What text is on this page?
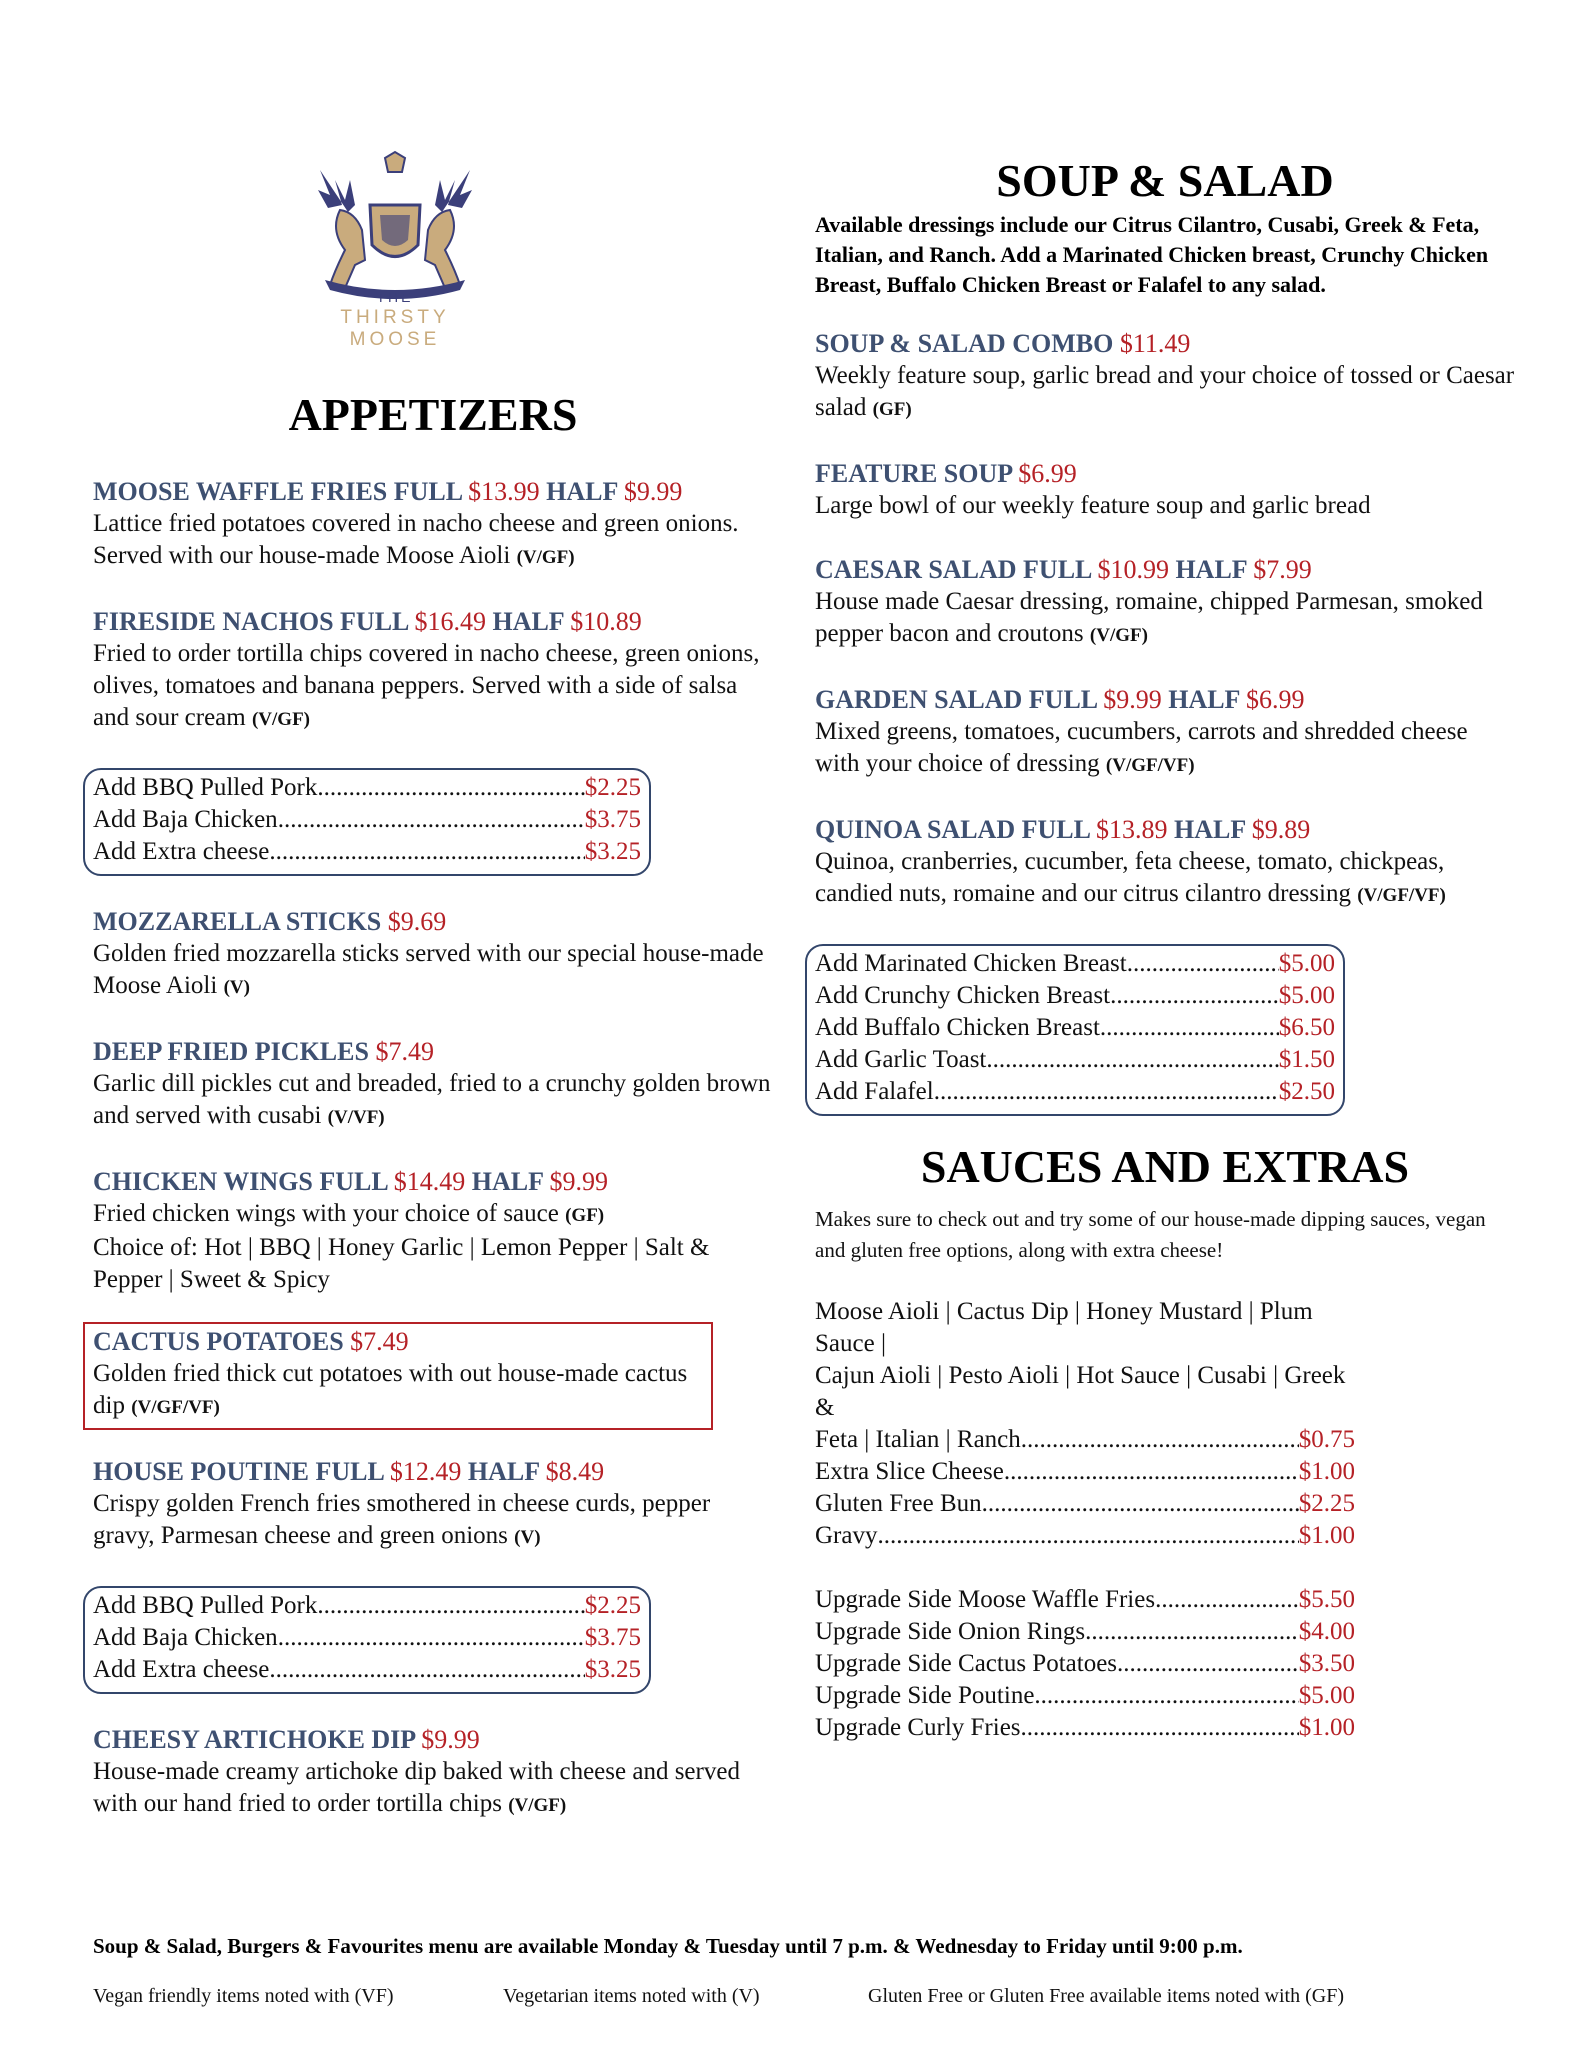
THE
THIRSTY
MOOSE
APPETIZERS
MOOSE WAFFLE FRIES FULL $13.99 HALF $9.99
Lattice fried potatoes covered in nacho cheese and green onions. Served with our house-made Moose Aioli (V/GF)
FIRESIDE NACHOS FULL $16.49 HALF $10.89
Fried to order tortilla chips covered in nacho cheese, green onions, olives, tomatoes and banana peppers. Served with a side of salsa and sour cream (V/GF)
Add BBQ Pulled Pork .....	$2.25
Add Baja Chicken .....	$3.75
Add Extra cheese .....	$3.25
MOZZARELLA STICKS $9.69
Golden fried mozzarella sticks served with our special house-made Moose Aioli (V)
DEEP FRIED PICKLES $7.49
Garlic dill pickles cut and breaded, fried to a crunchy golden brown and served with cusabi (V/VF)
CHICKEN WINGS FULL $14.49 HALF $9.99
Fried chicken wings with your choice of sauce (GF)
Choice of: Hot | BBQ | Honey Garlic | Lemon Pepper | Salt & Pepper | Sweet & Spicy
CACTUS POTATOES $7.49
Golden fried thick cut potatoes with out house-made cactus dip (V/GF/VF)
HOUSE POUTINE FULL $12.49 HALF $8.49
Crispy golden French fries smothered in cheese curds, pepper gravy, Parmesan cheese and green onions (V)
Add BBQ Pulled Pork .....	$2.25
Add Baja Chicken .....	$3.75
Add Extra cheese .....	$3.25
CHEESY ARTICHOKE DIP $9.99
House-made creamy artichoke dip baked with cheese and served with our hand fried to order tortilla chips (V/GF)
SOUP & SALAD
Available dressings include our Citrus Cilantro, Cusabi, Greek & Feta, Italian, and Ranch. Add a Marinated Chicken breast, Crunchy Chicken Breast, Buffalo Chicken Breast or Falafel to any salad.
SOUP & SALAD COMBO $11.49
Weekly feature soup, garlic bread and your choice of tossed or Caesar salad (GF)
FEATURE SOUP $6.99
Large bowl of our weekly feature soup and garlic bread
CAESAR SALAD FULL $10.99 HALF $7.99
House made Caesar dressing, romaine, chipped Parmesan, smoked pepper bacon and croutons (V/GF)
GARDEN SALAD FULL $9.99 HALF $6.99
Mixed greens, tomatoes, cucumbers, carrots and shredded cheese with your choice of dressing (V/GF/VF)
QUINOA SALAD FULL $13.89 HALF $9.89
Quinoa, cranberries, cucumber, feta cheese, tomato, chickpeas, candied nuts, romaine and our citrus cilantro dressing (V/GF/VF)
Add Marinated Chicken Breast .....	$5.00
Add Crunchy Chicken Breast .....	$5.00
Add Buffalo Chicken Breast .....	$6.50
Add Garlic Toast .....	$1.50
Add Falafel .....	$2.50
SAUCES AND EXTRAS
Makes sure to check out and try some of our house-made dipping sauces, vegan and gluten free options, along with extra cheese!
Moose Aioli | Cactus Dip | Honey Mustard | Plum Sauce |
Cajun Aioli | Pesto Aioli | Hot Sauce | Cusabi | Greek &
Feta | Italian | Ranch .....	$0.75
Extra Slice Cheese .....	$1.00
Gluten Free Bun .....	$2.25
Gravy .....	$1.00
Upgrade Side Moose Waffle Fries .....	$5.50
Upgrade Side Onion Rings .....	$4.00
Upgrade Side Cactus Potatoes .....	$3.50
Upgrade Side Poutine .....	$5.00
Upgrade Curly Fries .....	$1.00
Soup & Salad, Burgers & Favourites menu are available Monday & Tuesday until 7 p.m. & Wednesday to Friday until 9:00 p.m.
Vegan friendly items noted with (VF)	Vegetarian items noted with (V)	Gluten Free or Gluten Free available items noted with (GF)
